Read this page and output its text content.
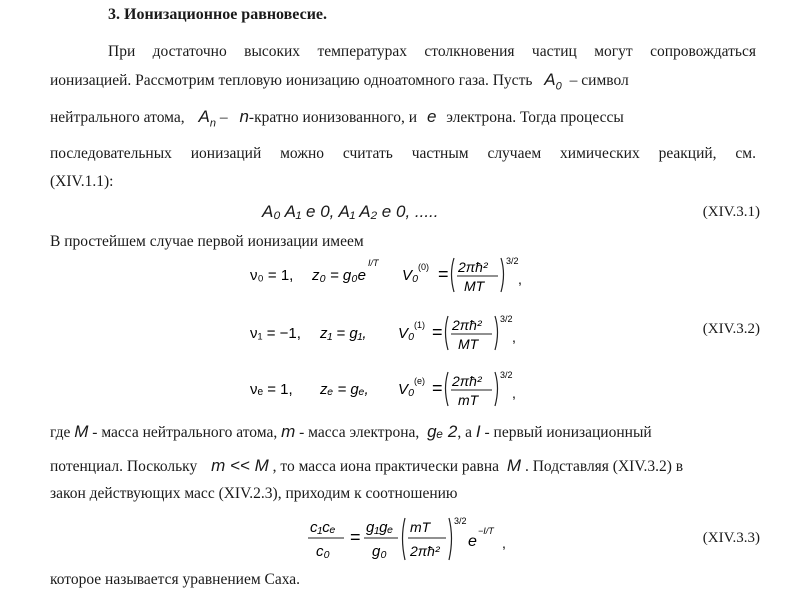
3. Ионизационное равновесие.
При достаточно высоких температурах столкновения частиц могут сопровождаться
ионизацией. Рассмотрим тепловую ионизацию одноатомного газа. Пусть $A_0$ – символ
нейтрального атома, $A_n$ – n-кратно ионизованного, и e электрона. Тогда процессы
последовательных ионизаций можно считать частным случаем химических реакций, см.
(XIV.1.1):
A₀ A₁ e 0, A₁ A₂ e 0, .....	(XIV.3.1)
В простейшем случае первой ионизации имеем
ν₀ = 1, z₀ = g₀e
I/T
V₀ (0) = 2πħ²
MT
3/2
,
ν₁ = −1, z₁ = g₁, V₀ (1) = 2πħ²
MT
3/2
,
νₑ = 1, zₑ = gₑ, V₀ (e) = 2πħ²
mT
3/2
,
(XIV.3.2)
где M - масса нейтрального атома, m - масса электрона, gₑ 2, а I - первый ионизационный
потенциал. Поскольку m << M , то масса иона практически равна M . Подставляя (XIV.3.2) в
закон действующих масс (XIV.2.3), приходим к соотношению
c₁cₑ
c₀
= g₁gₑ
g₀
mT
2πħ²
3/2
e
−I/T
,	(XIV.3.3)
которое называется уравнением Саха.
